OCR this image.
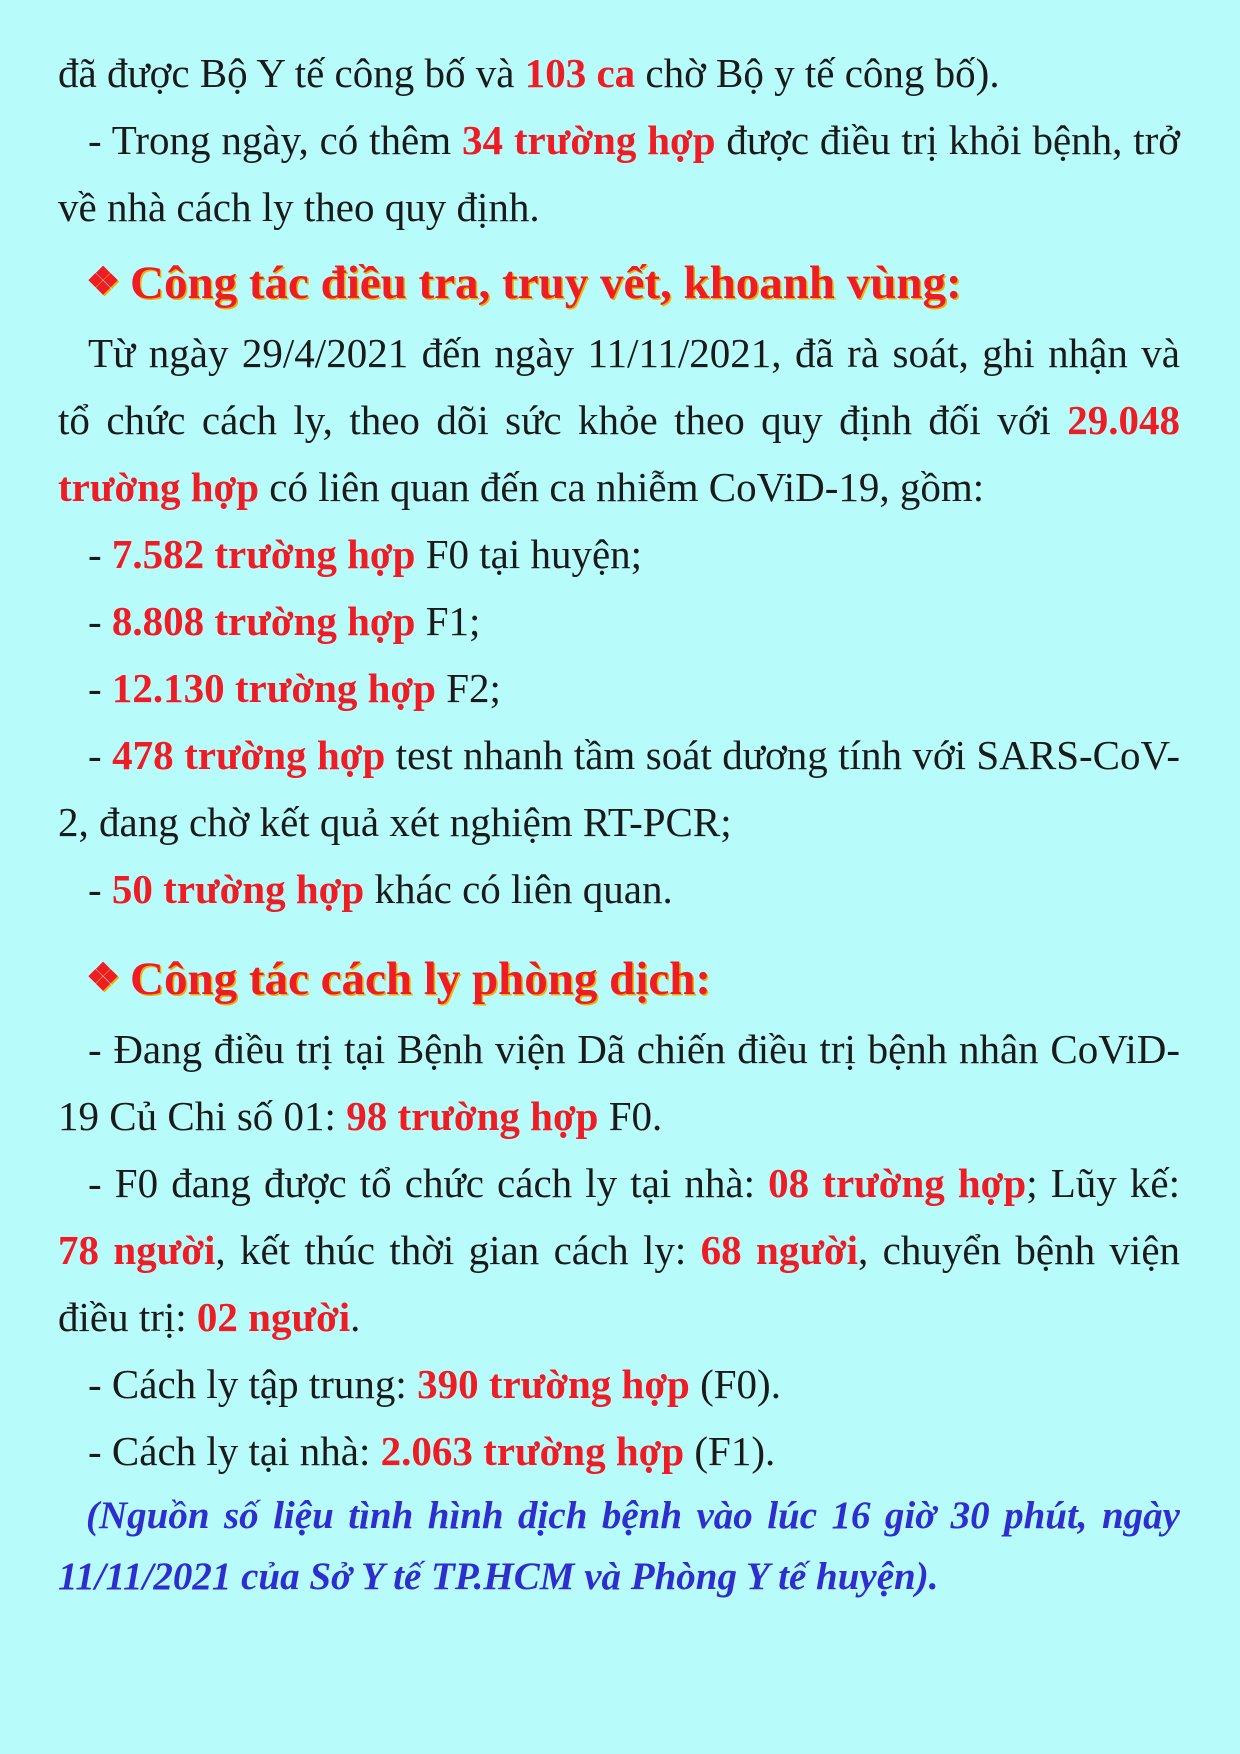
đã được Bộ Y tế công bố và 103 ca chờ Bộ y tế công bố).

- Trong ngày, có thêm 34 trường hợp được điều trị khỏi bệnh, trở về nhà cách ly theo quy định.

❖ Công tác điều tra, truy vết, khoanh vùng:

Từ ngày 29/4/2021 đến ngày 11/11/2021, đã rà soát, ghi nhận và tổ chức cách ly, theo dõi sức khỏe theo quy định đối với 29.048 trường hợp có liên quan đến ca nhiễm CoViD-19, gồm:

- 7.582 trường hợp F0 tại huyện;

- 8.808 trường hợp F1;

- 12.130 trường hợp F2;

- 478 trường hợp test nhanh tầm soát dương tính với SARS-CoV-2, đang chờ kết quả xét nghiệm RT-PCR;

- 50 trường hợp khác có liên quan.

❖ Công tác cách ly phòng dịch:

- Đang điều trị tại Bệnh viện Dã chiến điều trị bệnh nhân CoViD-19 Củ Chi số 01: 98 trường hợp F0.

- F0 đang được tổ chức cách ly tại nhà: 08 trường hợp; Lũy kế: 78 người, kết thúc thời gian cách ly: 68 người, chuyển bệnh viện điều trị: 02 người.

- Cách ly tập trung: 390 trường hợp (F0).

- Cách ly tại nhà: 2.063 trường hợp (F1).

(Nguồn số liệu tình hình dịch bệnh vào lúc 16 giờ 30 phút, ngày 11/11/2021 của Sở Y tế TP.HCM và Phòng Y tế huyện).
